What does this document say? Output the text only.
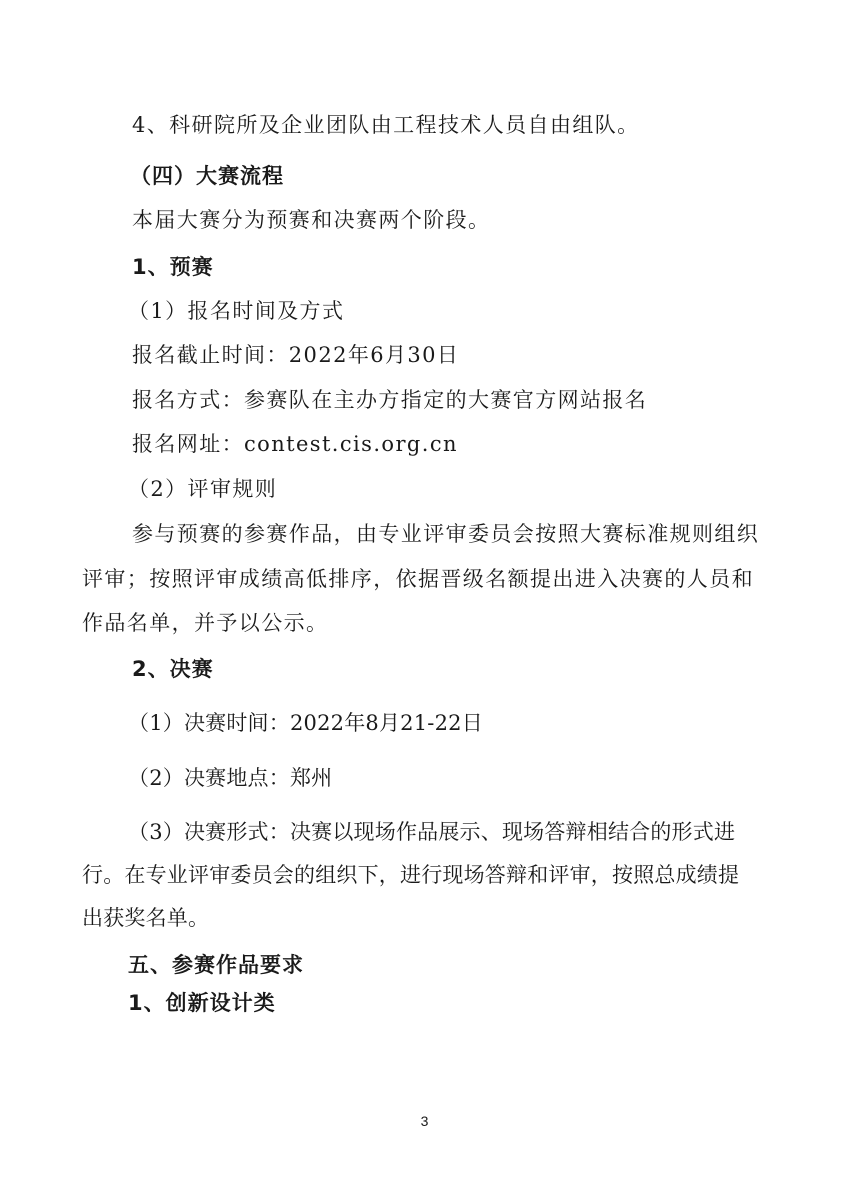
4、科研院所及企业团队由工程技术人员自由组队。
（四）大赛流程
本届大赛分为预赛和决赛两个阶段。
1、预赛
（1）报名时间及方式
报名截止时间：2022年6月30日
报名方式：参赛队在主办方指定的大赛官方网站报名
报名网址：contest.cis.org.cn
（2）评审规则
参与预赛的参赛作品，由专业评审委员会按照大赛标准规则组织
评审；按照评审成绩高低排序，依据晋级名额提出进入决赛的人员和
作品名单，并予以公示。
2、决赛
（1）决赛时间：2022年8月21-22日
（2）决赛地点：郑州
（3）决赛形式：决赛以现场作品展示、现场答辩相结合的形式进
行。在专业评审委员会的组织下，进行现场答辩和评审，按照总成绩提
出获奖名单。
五、参赛作品要求
1、创新设计类
3
